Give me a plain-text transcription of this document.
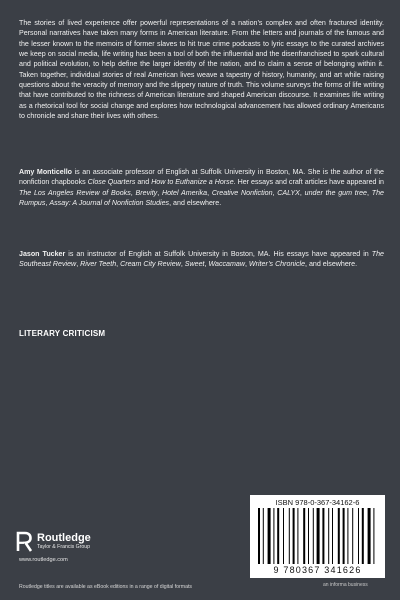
The stories of lived experience offer powerful representations of a nation’s complex and often fractured identity. Personal narratives have taken many forms in American literature. From the letters and journals of the famous and the lesser known to the memoirs of former slaves to hit true crime podcasts to lyric essays to the curated archives we keep on social media, life writing has been a tool of both the influential and the disenfranchised to spark cultural and political evolution, to help define the larger identity of the nation, and to claim a sense of belonging within it. Taken together, individual stories of real American lives weave a tapestry of history, humanity, and art while raising questions about the veracity of memory and the slippery nature of truth. This volume surveys the forms of life writing that have contributed to the richness of American literature and shaped American discourse. It examines life writing as a rhetorical tool for social change and explores how technological advancement has allowed ordinary Americans to chronicle and share their lives with others.

Amy Monticello is an associate professor of English at Suffolk University in Boston, MA. She is the author of the nonfiction chapbooks Close Quarters and How to Euthanize a Horse. Her essays and craft articles have appeared in The Los Angeles Review of Books, Brevity, Hotel Amerika, Creative Nonfiction, CALYX, under the gum tree, The Rumpus, Assay: A Journal of Nonfiction Studies, and elsewhere.

Jason Tucker is an instructor of English at Suffolk University in Boston, MA. His essays have appeared in The Southeast Review, River Teeth, Cream City Review, Sweet, Waccamaw, Writer’s Chronicle, and elsewhere.

LITERARY CRITICISM
Routledge
Taylor & Francis Group
www.routledge.com
Routledge titles are available as eBook editions in a range of digital formats
ISBN 978-0-367-34162-6
9 780367 341626
an informa business
